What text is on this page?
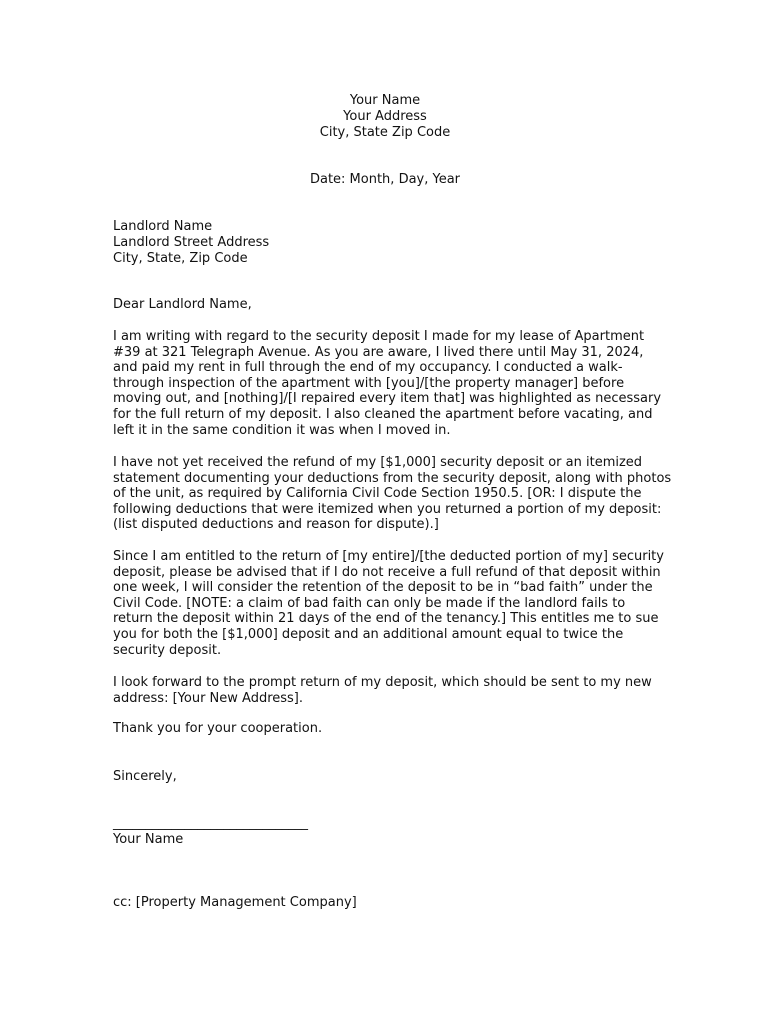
Your Name
Your Address
City, State Zip Code
Date: Month, Day, Year
Landlord Name
Landlord Street Address
City, State, Zip Code
Dear Landlord Name,
I am writing with regard to the security deposit I made for my lease of Apartment
#39 at 321 Telegraph Avenue. As you are aware, I lived there until May 31, 2024,
and paid my rent in full through the end of my occupancy. I conducted a walk-
through inspection of the apartment with [you]/[the property manager] before
moving out, and [nothing]/[I repaired every item that] was highlighted as necessary
for the full return of my deposit. I also cleaned the apartment before vacating, and
left it in the same condition it was when I moved in.
I have not yet received the refund of my [$1,000] security deposit or an itemized
statement documenting your deductions from the security deposit, along with photos
of the unit, as required by California Civil Code Section 1950.5. [OR: I dispute the
following deductions that were itemized when you returned a portion of my deposit:
(list disputed deductions and reason for dispute).]
Since I am entitled to the return of [my entire]/[the deducted portion of my] security
deposit, please be advised that if I do not receive a full refund of that deposit within
one week, I will consider the retention of the deposit to be in “bad faith” under the
Civil Code. [NOTE: a claim of bad faith can only be made if the landlord fails to
return the deposit within 21 days of the end of the tenancy.] This entitles me to sue
you for both the [$1,000] deposit and an additional amount equal to twice the
security deposit.
I look forward to the prompt return of my deposit, which should be sent to my new
address: [Your New Address].
Thank you for your cooperation.
Sincerely,
______________________________
Your Name
cc: [Property Management Company]
